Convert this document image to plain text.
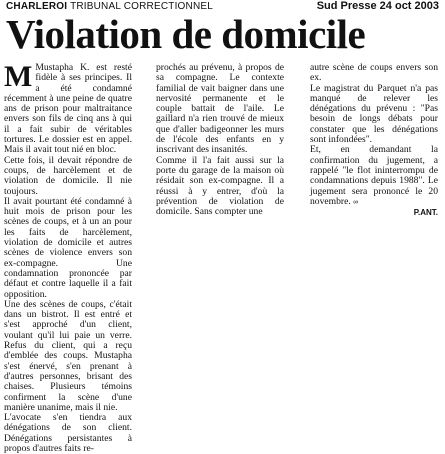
CHARLEROI TRIBUNAL CORRECTIONNEL	Sud Presse 24 oct 2003
Violation de domicile

M Mustapha K. est resté fidèle à ses principes. Il a été condamné récemment à une peine de quatre ans de prison pour maltraitance envers son fils de cinq ans à qui il a fait subir de véritables tortures. Le dossier est en appel. Mais il avait tout nié en bloc.

Cette fois, il devait répondre de coups, de harcèlement et de violation de domicile. Il nie toujours.

Il avait pourtant été condamné à huit mois de prison pour les scènes de coups, et à un an pour les faits de harcèlement, violation de domicile et autres scènes de violence envers son ex-compagne. Une condamnation prononcée par défaut et contre laquelle il a fait opposition.

Une des scènes de coups, c'était dans un bistrot. Il est entré et s'est approché d'un client, voulant qu'il lui paie un verre. Refus du client, qui a reçu d'emblée des coups. Mustapha s'est énervé, s'en prenant à d'autres personnes, brisant des chaises. Plusieurs témoins confirment la scène d'une manière unanime, mais il nie.

L'avocate s'en tiendra aux dénégations de son client. Dénégations persistantes à propos d'autres faits re-

prochés au prévenu, à propos de sa compagne. Le contexte familial de vait baigner dans une nervosité permanente et le couple battait de l'aile. Le gaillard n'a rien trouvé de mieux que d'aller badigeonner les murs de l'école des enfants en y inscrivant des insanités.

Comme il l'a fait aussi sur la porte du garage de la maison où résidait son ex-compagne. Il a réussi à y entrer, d'où la prévention de violation de domicile. Sans compter une

autre scène de coups envers son ex.

Le magistrat du Parquet n'a pas manqué de relever les dénégations du prévenu : "Pas besoin de longs débats pour constater que les dénégations sont infondées".

Et, en demandant la confirmation du jugement, a rappelé "le flot ininterrompu de condamnations depuis 1988". Le jugement sera prononcé le 20 novembre. ∞

P.ANT.
